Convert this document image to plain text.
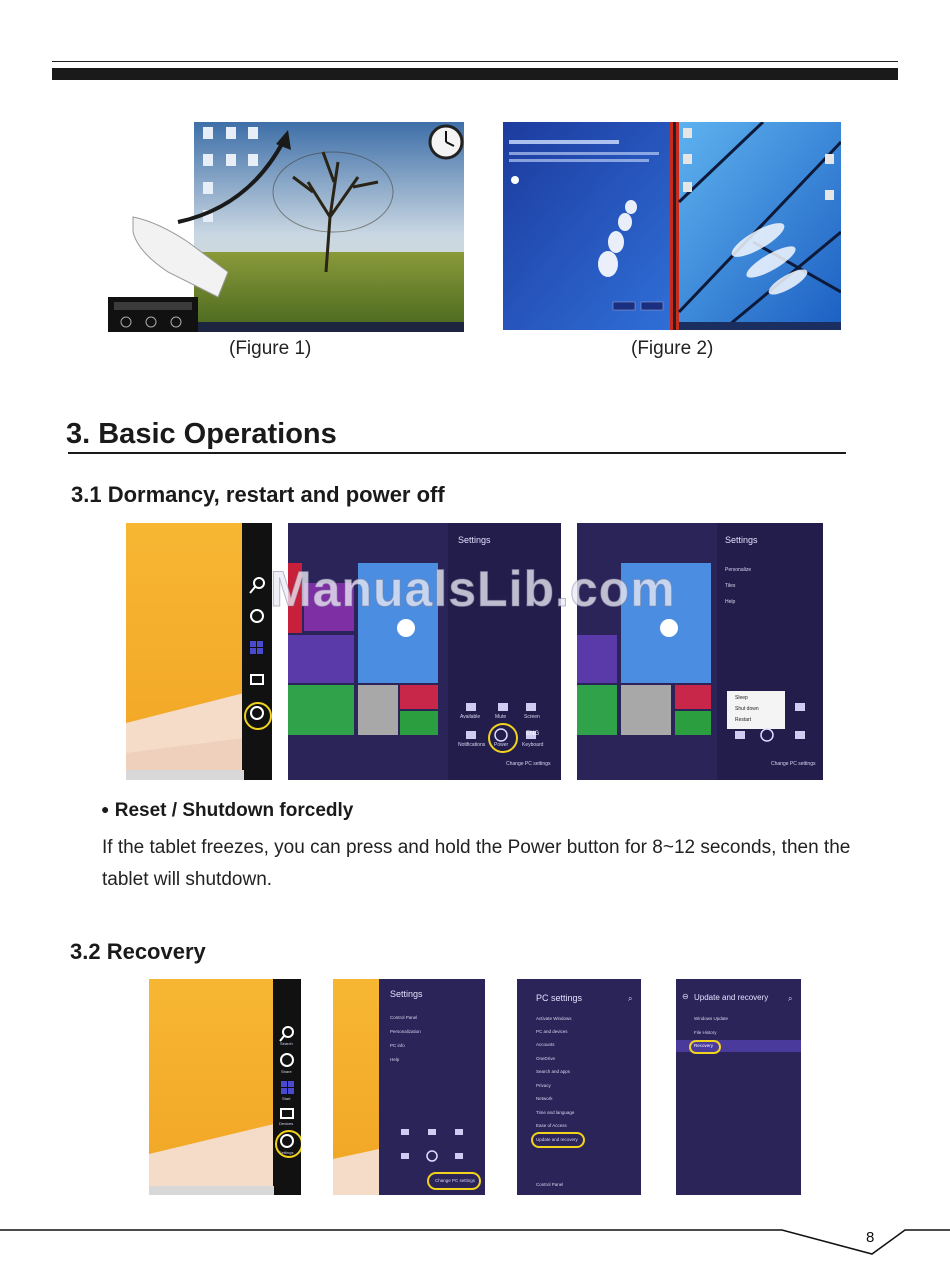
(Figure 1)	(Figure 2)
3. Basic Operations
3.1 Dormancy, restart and power off
Settings
Available	Mute	Screen
Notifications Power	Keyboard
ENG
Change PC settings
Settings
Personalize
Tiles
Help
Sleep
Shut down
Restart
Change PC settings
ManualsLib.com
● Reset / Shutdown forcedly
If the tablet freezes, you can press and hold the Power button for 8~12 seconds, then the tablet will shutdown.
3.2 Recovery
Search
Share
Start
Devices
Settings
Settings
Control Panel
Personalization
PC info
Help
Change PC settings
PC settings	⌕
Activate Windows
PC and devices
Accounts
OneDrive
Search and apps
Privacy
Network
Time and language
Ease of Access
Update and recovery
Control Panel
⊖ Update and recovery ⌕
Windows Update
File History
Recovery
8
